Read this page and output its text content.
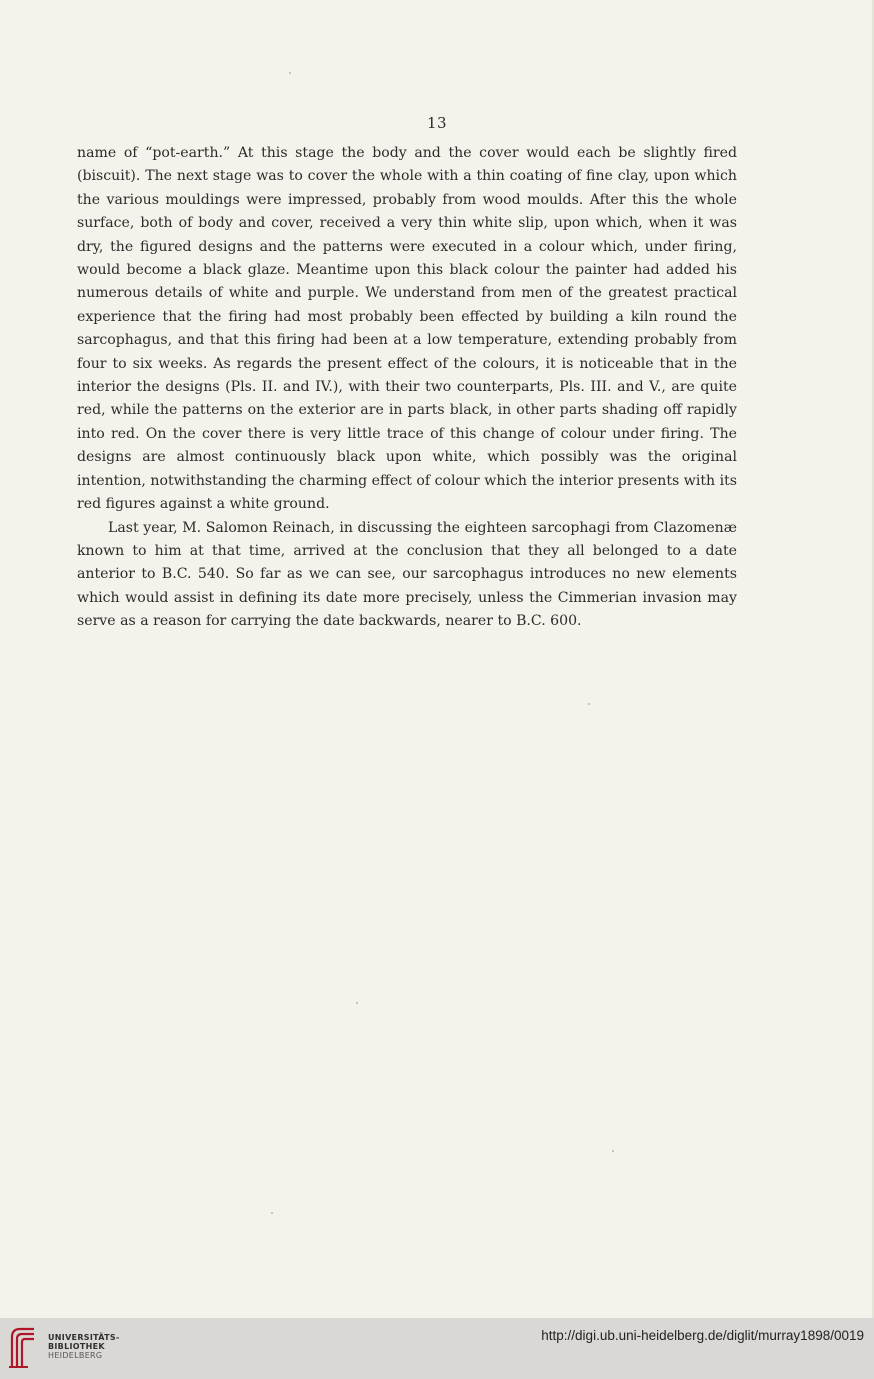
13

name of “pot-earth.” At this stage the body and the cover would each be slightly fired (biscuit). The next stage was to cover the whole with a thin coating of fine clay, upon which the various mouldings were impressed, probably from wood moulds. After this the whole surface, both of body and cover, received a very thin white slip, upon which, when it was dry, the figured designs and the patterns were executed in a colour which, under firing, would become a black glaze. Meantime upon this black colour the painter had added his numerous details of white and purple. We understand from men of the greatest practical experience that the firing had most probably been effected by building a kiln round the sarcophagus, and that this firing had been at a low temperature, extending probably from four to six weeks. As regards the present effect of the colours, it is noticeable that in the interior the designs (Pls. II. and IV.), with their two counterparts, Pls. III. and V., are quite red, while the patterns on the exterior are in parts black, in other parts shading off rapidly into red. On the cover there is very little trace of this change of colour under firing. The designs are almost continuously black upon white, which possibly was the original intention, notwithstanding the charming effect of colour which the interior presents with its red figures against a white ground.

Last year, M. Salomon Reinach, in discussing the eighteen sarcophagi from Clazomenæ known to him at that time, arrived at the conclusion that they all belonged to a date anterior to B.C. 540. So far as we can see, our sarcophagus introduces no new elements which would assist in defining its date more precisely, unless the Cimmerian invasion may serve as a reason for carrying the date backwards, nearer to B.C. 600.

UNIVERSITÄTS-
BIBLIOTHEK
HEIDELBERG
http://digi.ub.uni-heidelberg.de/diglit/murray1898/0019
